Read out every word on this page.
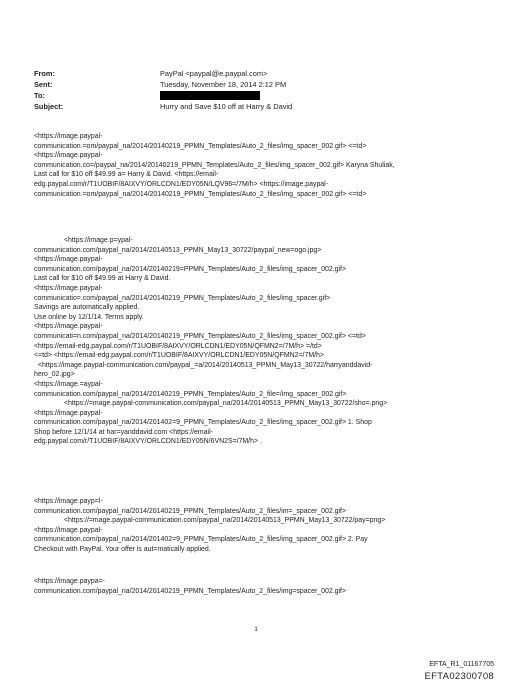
From:	PayPal <paypal@e.paypal.com>
Sent:	Tuesday, November 18, 2014 2:12 PM
To:
Subject:	Hurry and Save $10 off at Harry & David
<https://image.paypal-
communication.=om/paypal_na/2014/20140219_PPMN_Templates/Auto_2_files/img_spacer_002.gif> <=td>
<https://image.paypal-
communication.co=/paypal_na/2014/20140219_PPMN_Templates/Auto_2_files/img_spacer_002.gif> Karyna Shuliak,
Last call for $10 off $49.99 a= Harry & David. <https://email-
edg.paypal.com/r/T1UOBIF/8AIXVY/ORLCDN1/EDY05N/LQV96=/7M/h> <https://image.paypal-
communication.=om/paypal_na/2014/20140219_PPMN_Templates/Auto_2_files/img_spacer_002.gif> <=td>
<https://image.p=ypal-
communication.com/paypal_na/2014/20140513_PPMN_May13_30722/paypal_new=ogo.jpg>
<https://image.paypal-
communication.com/paypal_na/2014/20140219=PPMN_Templates/Auto_2_files/img_spacer_002.gif>
Last call for $10 off $49.99 at Harry & David.
<https://image.paypal-
communicatio=.com/paypal_na/2014/20140219_PPMN_Templates/Auto_2_files/img_spacer.gif>
Savings are automatically applied.
Use online by 12/1/14. Terms apply.
<https://image.paypal-
communicati=n.com/paypal_na/2014/20140219_PPMN_Templates/Auto_2_files/img_spacer_002.gif> <=td>
<https://email-edg.paypal.com/r/T1UOBIF/8AIXVY/ORLCDN1/EDY05N/QFMN2=/7M/h> =/td>
<=td> <https://email-edg.paypal.com/r/T1UOBIF/8AIXVY/ORLCDN1/EDY05N/QFMN2=/7M/h>
<https://image.paypal-communication.com/paypal_=a/2014/20140513_PPMN_May13_30722/harryanddavid-
hero_02.jpg>
<https://image.=aypal-
communication.com/paypal_na/2014/20140219_PPMN_Templates/Auto_2_file=/img_spacer_002.gif>
<https://=mage.paypal-communication.com/paypal_na/2014/20140513_PPMN_May13_30722/sho=.png>
<https://image.paypal-
communication.com/paypal_na/2014/201402=9_PPMN_Templates/Auto_2_files/img_spacer_002.gif> 1. Shop
Shop before 12/1/14 at har=yanddavid.com <https://email-
edg.paypal.com/r/T1UOBIF/8AIXVY/ORLCDN1/EDY05N/6VN2S=/7M/h> .
<https://image.payp=l-
communication.com/paypal_na/2014/20140219_PPMN_Templates/Auto_2_files/im=_spacer_002.gif>
<https://=mage.paypal-communication.com/paypal_na/2014/20140513_PPMN_May13_30722/pay=png>
<https://image.paypal-
communication.com/paypal_na/2014/201402=9_PPMN_Templates/Auto_2_files/img_spacer_002.gif> 2. Pay
Checkout with PayPal. Your offer is aut=matically applied.
<https://image.paypa=-
communication.com/paypal_na/2014/20140219_PPMN_Templates/Auto_2_files/img=spacer_002.gif>
1
EFTA_R1_01167705
EFTA02300708
